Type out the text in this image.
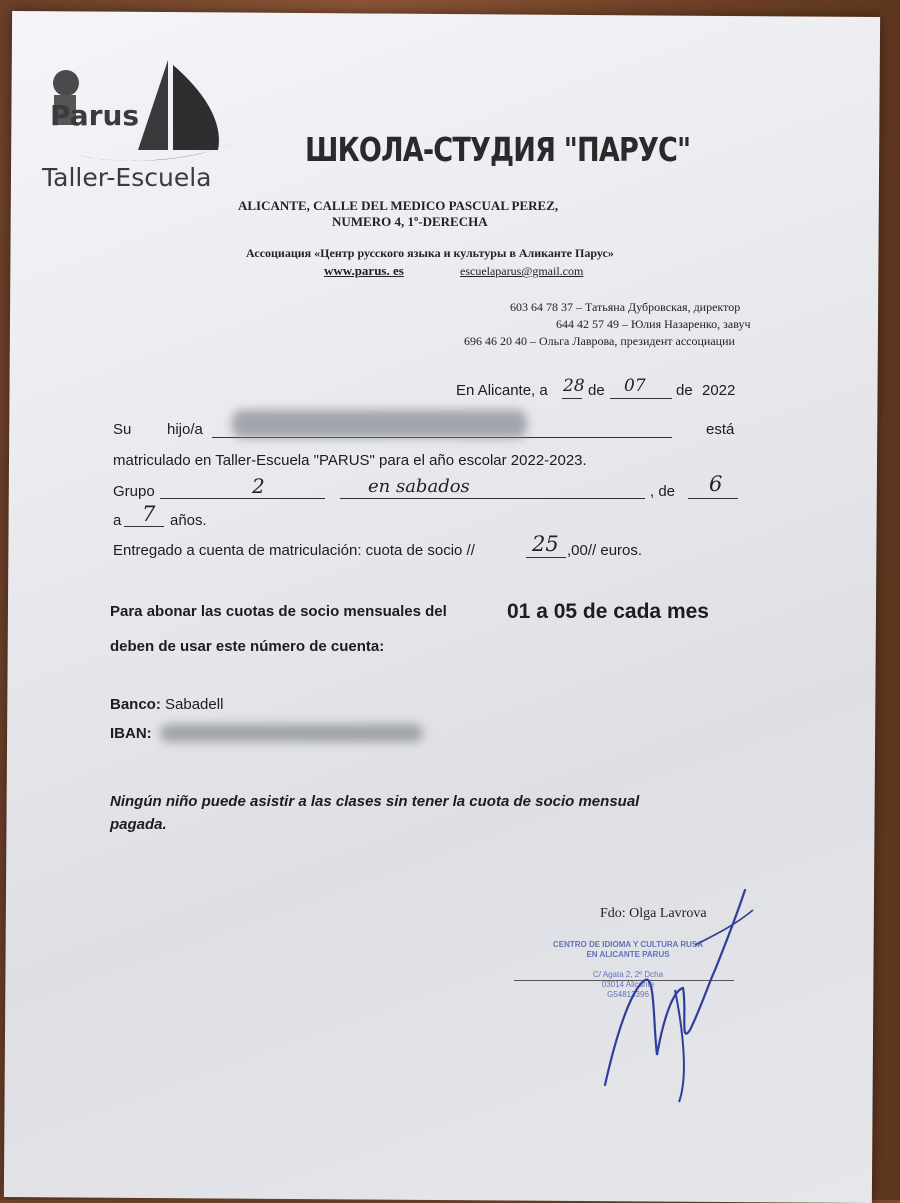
Parus
Taller-Escuela
ШКОЛА-СТУДИЯ "ПАРУС"
ALICANTE, CALLE DEL MEDICO PASCUAL PEREZ,
NUMERO 4, 1º-DERECHA
Ассоциация «Центр русского языка и культуры в Аликанте Парус»
www.parus. es	escuelaparus@gmail.com
603 64 78 37 – Татьяна Дубровская, директор
644 42 57 49 – Юлия Назаренко, завуч
696 46 20 40 – Ольга Лаврова, президент ассоциации
En Alicante, a 28 de 07 de 2022
Su hijo/a	está
matriculado en Taller-Escuela "PARUS" para el año escolar 2022-2023.
Grupo	2	en sabados	, de 6
a 7 años.
Entregado a cuenta de matriculación: cuota de socio //	25 ,00// euros.
Para abonar las cuotas de socio mensuales del	01 a 05 de cada mes
deben de usar este número de cuenta:
Banco: Sabadell
IBAN:
Ningún niño puede asistir a las clases sin tener la cuota de socio mensual
pagada.
Fdo: Olga Lavrova
CENTRO DE IDIOMA Y CULTURA RUSA
EN ALICANTE PARUS
C/ Agata 2, 2º Dcha
03014 Alicante
G54813396
